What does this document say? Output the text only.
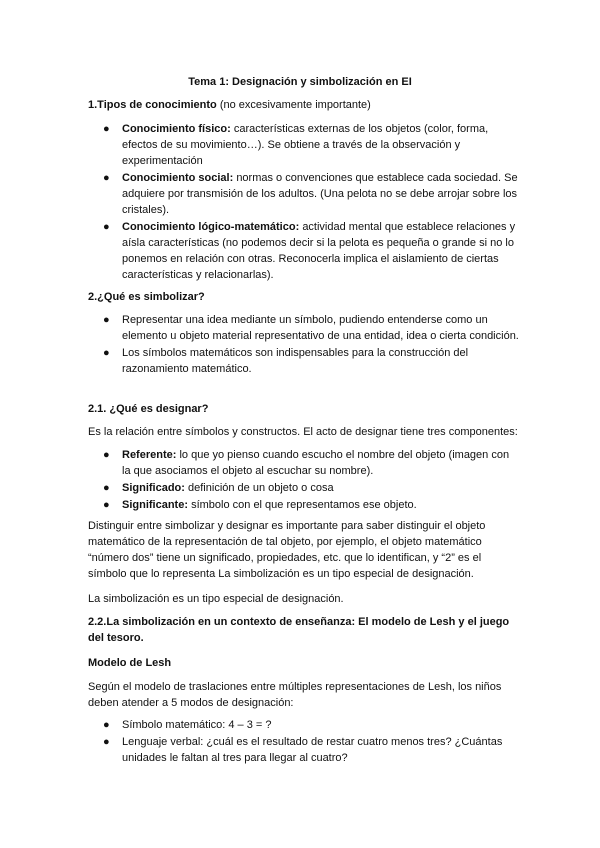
Tema 1: Designación y simbolización en EI
1.Tipos de conocimiento (no excesivamente importante)
● Conocimiento físico: características externas de los objetos (color, forma, efectos de su movimiento…). Se obtiene a través de la observación y experimentación
● Conocimiento social: normas o convenciones que establece cada sociedad. Se adquiere por transmisión de los adultos. (Una pelota no se debe arrojar sobre los cristales).
● Conocimiento lógico-matemático: actividad mental que establece relaciones y aísla características (no podemos decir si la pelota es pequeña o grande si no lo ponemos en relación con otras. Reconocerla implica el aislamiento de ciertas características y relacionarlas).
2.¿Qué es simbolizar?
● Representar una idea mediante un símbolo, pudiendo entenderse como un elemento u objeto material representativo de una entidad, idea o cierta condición.
● Los símbolos matemáticos son indispensables para la construcción del razonamiento matemático.
2.1. ¿Qué es designar?

Es la relación entre símbolos y constructos. El acto de designar tiene tres componentes:

● Referente: lo que yo pienso cuando escucho el nombre del objeto (imagen con la que asociamos el objeto al escuchar su nombre).
● Significado: definición de un objeto o cosa
● Significante: símbolo con el que representamos ese objeto.

Distinguir entre simbolizar y designar es importante para saber distinguir el objeto matemático de la representación de tal objeto, por ejemplo, el objeto matemático “número dos” tiene un significado, propiedades, etc. que lo identifican, y “2” es el símbolo que lo representa La simbolización es un tipo especial de designación.

La simbolización es un tipo especial de designación.

2.2.La simbolización en un contexto de enseñanza: El modelo de Lesh y el juego del tesoro.
Modelo de Lesh

Según el modelo de traslaciones entre múltiples representaciones de Lesh, los niños deben atender a 5 modos de designación:

● Símbolo matemático: 4 – 3 = ?
● Lenguaje verbal: ¿cuál es el resultado de restar cuatro menos tres? ¿Cuántas unidades le faltan al tres para llegar al cuatro?
